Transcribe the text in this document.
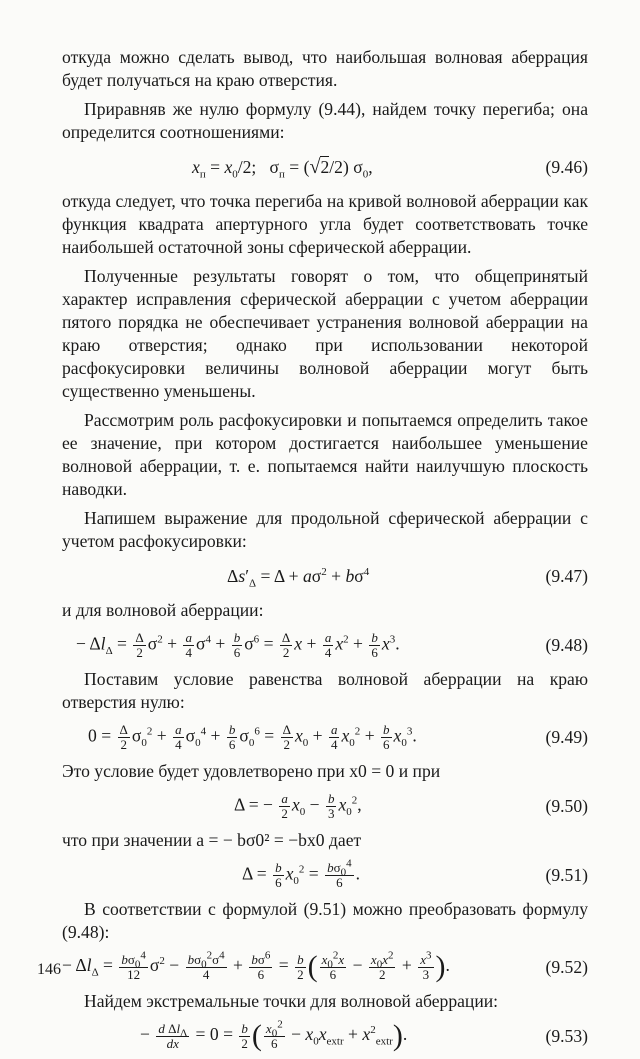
откуда можно сделать вывод, что наибольшая волновая аберрация будет получаться на краю отверстия.

Приравняв же нулю формулу (9.44), найдем точку перегиба; она определится соотношениями:

$x_п = x_0/2$;   $\sigma_п = (√2/2)$ $\sigma_0$,	(9.46)

откуда следует, что точка перегиба на кривой волновой аберрации как функция квадрата апертурного угла будет соответствовать точке наибольшей остаточной зоны сферической аберрации.

Полученные результаты говорят о том, что общепринятый характер исправления сферической аберрации с учетом аберрации пятого порядка не обеспечивает устранения волновой аберрации на краю отверстия; однако при использовании некоторой расфокусировки величины волновой аберрации могут быть существенно уменьшены.

Рассмотрим роль расфокусировки и попытаемся определить такое ее значение, при котором достигается наибольшее уменьшение волновой аберрации, т. е. попытаемся найти наилучшую плоскость наводки.

Напишем выражение для продольной сферической аберрации с учетом расфокусировки:

$\Delta s'_\Delta = \Delta + a\sigma^2 + b\sigma^4$	(9.47)

и для волновой аберрации:

− $\Delta l_\Delta = \frac{\Delta}{2} \sigma^2 + \frac{a}{4} \sigma^4 + \frac{b}{6} \sigma^6 = \frac{\Delta}{2}$ $x + \frac{a}{4} x^2 + \frac{b}{6} x^3$.	(9.48)

Поставим условие равенства волновой аберрации на краю отверстия нулю:

$0 = \frac{\Delta}{2} \sigma_0^2 + \frac{a}{4} \sigma_0^4 + \frac{b}{6} \sigma_0^6 = \frac{\Delta}{2} x_0 + \frac{a}{4} x_0^2 + \frac{b}{6} x_0^3$.	(9.49)

Это условие будет удовлетворено при x0 = 0 и при

Δ = − $\frac{a}{2} x_0 - \frac{b}{3} x_0^2$,	(9.50)

что при значении a = − bσ0² = −bx0 дает

$\Delta = \frac{b}{6} x_0^2 = \frac{b\sigma_0^4}{6}$ .	(9.51)

В соответствии с формулой (9.51) можно преобразовать формулу (9.48):

− $\Delta l_\Delta = \frac{b\sigma_0^4}{12} \sigma^2 - \frac{b\sigma_0^2\sigma^4}{4} + \frac{b\sigma^6}{6} = \frac{b}{2}$ ( $\frac{x_0^2x}{6} - \frac{x_0x^2}{2} + \frac{x^3}{3}$ ).	(9.52)

Найдем экстремальные точки для волновой аберрации:

− $\frac{d \Delta l_\Delta}{dx} = 0 = \frac{b}{2}$ ( $\frac{x_0^2}{6} - x_0x_{extr} + x^2_{extr}$).	(9.53)
146
